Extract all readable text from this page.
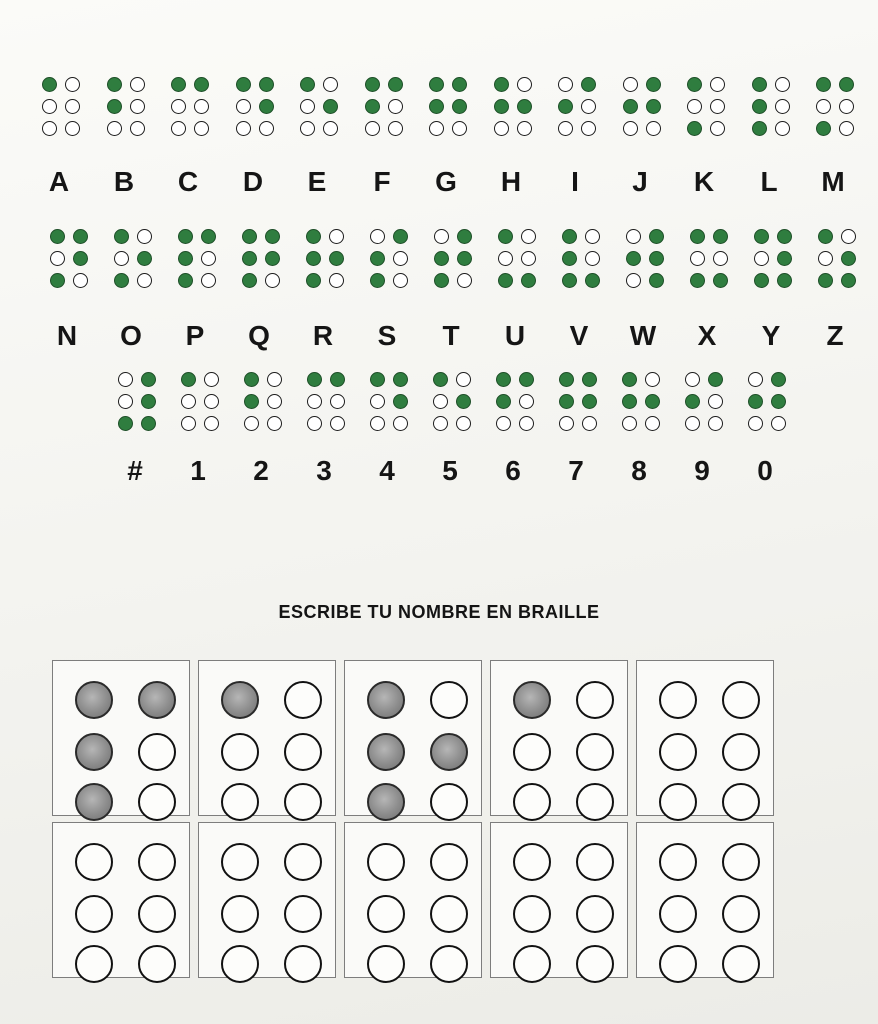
A	B	C	D	E	F	G	H	I	J	K	L	M
N	O	P	Q	R	S	T	U	V	W	X	Y	Z
#	1	2	3	4	5	6	7	8	9	0
ESCRIBE TU NOMBRE EN BRAILLE
